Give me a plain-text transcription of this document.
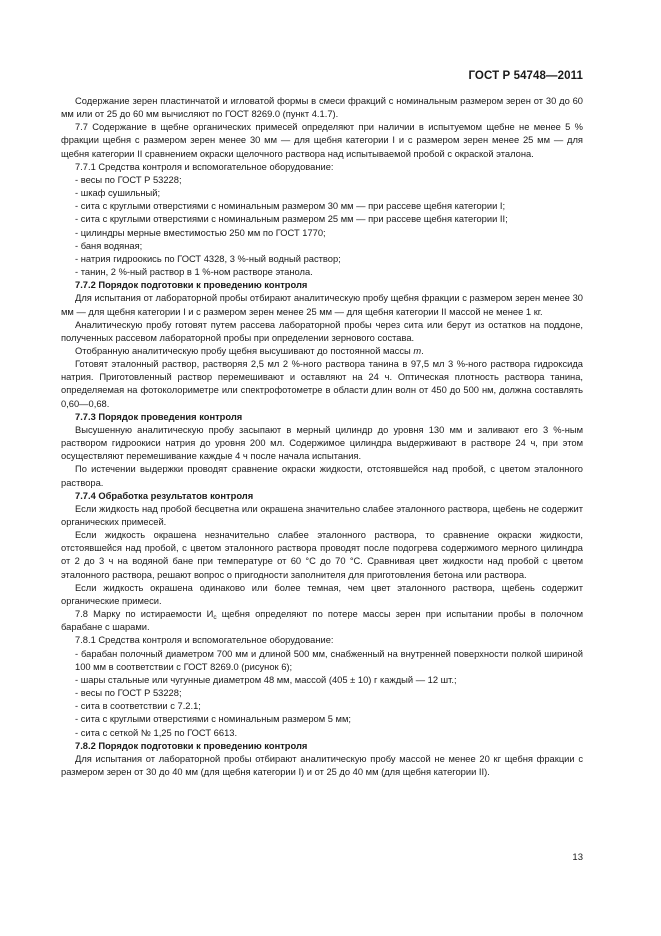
ГОСТ Р 54748—2011

Содержание зерен пластинчатой и игловатой формы в смеси фракций с номинальным размером зерен от 30 до 60 мм или от 25 до 60 мм вычисляют по ГОСТ 8269.0 (пункт 4.1.7).

7.7 Содержание в щебне органических примесей определяют при наличии в испытуемом щебне не менее 5 % фракции щебня с размером зерен менее 30 мм — для щебня категории I и с размером зерен менее 25 мм — для щебня категории II сравнением окраски щелочного раствора над испытываемой пробой с окраской эталона.

7.7.1 Средства контроля и вспомогательное оборудование:

- весы по ГОСТ Р 53228;

- шкаф сушильный;

- сита с круглыми отверстиями с номинальным размером 30 мм — при рассеве щебня категории I;

- сита с круглыми отверстиями с номинальным размером 25 мм — при рассеве щебня категории II;

- цилиндры мерные вместимостью 250 мм по ГОСТ 1770;

- баня водяная;

- натрия гидроокись по ГОСТ 4328, 3 %-ный водный раствор;

- танин, 2 %-ный раствор в 1 %-ном растворе этанола.

7.7.2 Порядок подготовки к проведению контроля

Для испытания от лабораторной пробы отбирают аналитическую пробу щебня фракции с размером зерен менее 30 мм — для щебня категории I и с размером зерен менее 25 мм — для щебня категории II массой не менее 1 кг.

Аналитическую пробу готовят путем рассева лабораторной пробы через сита или берут из остатков на поддоне, полученных рассевом лабораторной пробы при определении зернового состава.

Отобранную аналитическую пробу щебня высушивают до постоянной массы m.

Готовят эталонный раствор, растворяя 2,5 мл 2 %-ного раствора танина в 97,5 мл 3 %-ного раствора гидроксида натрия. Приготовленный раствор перемешивают и оставляют на 24 ч. Оптическая плотность раствора танина, определяемая на фотоколориметре или спектрофотометре в области длин волн от 450 до 500 нм, должна составлять 0,60—0,68.

7.7.3 Порядок проведения контроля

Высушенную аналитическую пробу засыпают в мерный цилиндр до уровня 130 мм и заливают его 3 %-ным раствором гидроокиси натрия до уровня 200 мл. Содержимое цилиндра выдерживают в растворе 24 ч, при этом осуществляют перемешивание каждые 4 ч после начала испытания.

По истечении выдержки проводят сравнение окраски жидкости, отстоявшейся над пробой, с цветом эталонного раствора.

7.7.4 Обработка результатов контроля

Если жидкость над пробой бесцветна или окрашена значительно слабее эталонного раствора, щебень не содержит органических примесей.

Если жидкость окрашена незначительно слабее эталонного раствора, то сравнение окраски жидкости, отстоявшейся над пробой, с цветом эталонного раствора проводят после подогрева содержимого мерного цилиндра от 2 до 3 ч на водяной бане при температуре от 60 °С до 70 °С. Сравнивая цвет жидкости над пробой с цветом эталонного раствора, решают вопрос о пригодности заполнителя для приготовления бетона или раствора.

Если жидкость окрашена одинаково или более темная, чем цвет эталонного раствора, щебень содержит органические примеси.

7.8 Марку по истираемости $И_с$ щебня определяют по потере массы зерен при испытании пробы в полочном барабане с шарами.

7.8.1 Средства контроля и вспомогательное оборудование:

- барабан полочный диаметром 700 мм и длиной 500 мм, снабженный на внутренней поверхности полкой шириной 100 мм в соответствии с ГОСТ 8269.0 (рисунок 6);

- шары стальные или чугунные диаметром 48 мм, массой (405 ± 10) г каждый — 12 шт.;

- весы по ГОСТ Р 53228;

- сита в соответствии с 7.2.1;

- сита с круглыми отверстиями с номинальным размером 5 мм;

- сита с сеткой № 1,25 по ГОСТ 6613.

7.8.2 Порядок подготовки к проведению контроля

Для испытания от лабораторной пробы отбирают аналитическую пробу массой не менее 20 кг щебня фракции с размером зерен от 30 до 40 мм (для щебня категории I) и от 25 до 40 мм (для щебня категории II).

13
